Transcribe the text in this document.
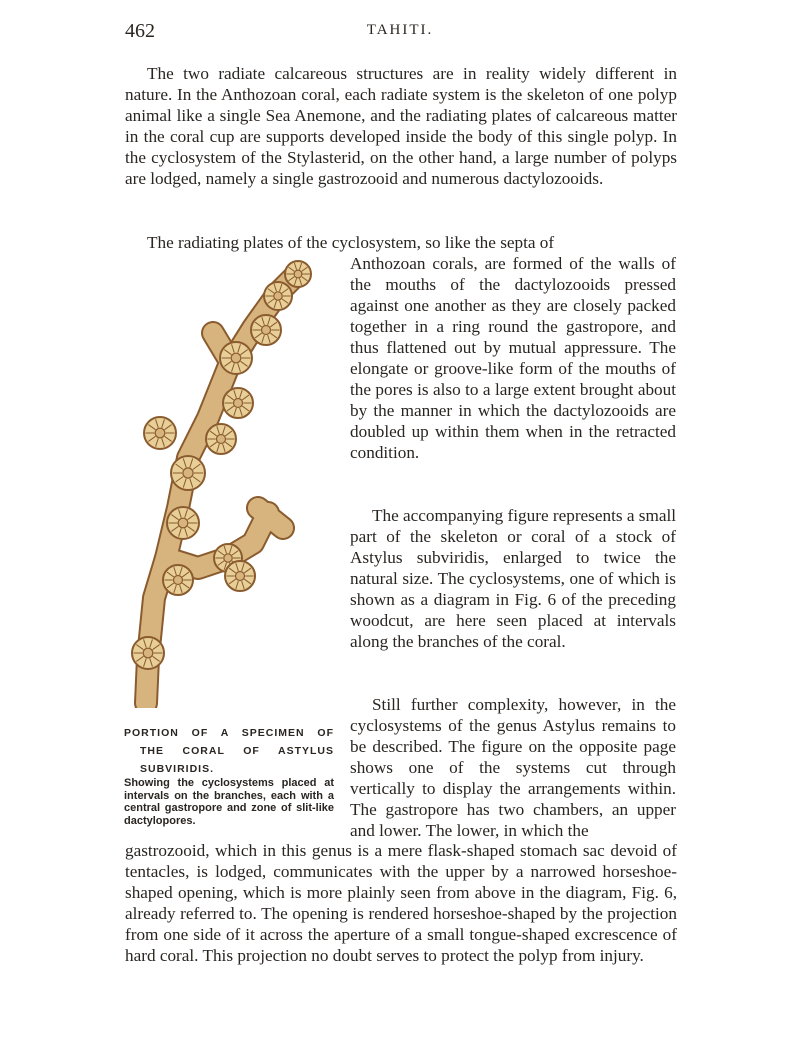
462	TAHITI.

The two radiate calcareous structures are in reality widely different in nature. In the Anthozoan coral, each radiate system is the skeleton of one polyp animal like a single Sea Anemone, and the radiating plates of calcareous matter in the coral cup are supports developed inside the body of this single polyp. In the cyclosystem of the Stylasterid, on the other hand, a large number of polyps are lodged, namely a single gastrozooid and numerous dactylozooids.

The radiating plates of the cyclosystem, so like the septa of

Anthozoan corals, are formed of the walls of the mouths of the dactylozooids pressed against one another as they are closely packed together in a ring round the gastropore, and thus flattened out by mutual appressure. The elongate or groove-like form of the mouths of the pores is also to a large extent brought about by the manner in which the dactylozooids are doubled up within them when in the retracted condition.

The accompanying figure represents a small part of the skeleton or coral of a stock of Astylus subviridis, enlarged to twice the natural size. The cyclosystems, one of which is shown as a diagram in Fig. 6 of the preceding woodcut, are here seen placed at intervals along the branches of the coral.

Still further complexity, however, in the cyclosystems of the genus Astylus remains to be described. The figure on the opposite page shows one of the systems cut through vertically to display the arrangements within. The gastropore has two chambers, an upper and lower. The lower, in which the

gastrozooid, which in this genus is a mere flask-shaped stomach sac devoid of tentacles, is lodged, communicates with the upper by a narrowed horseshoe-shaped opening, which is more plainly seen from above in the diagram, Fig. 6, already referred to. The opening is rendered horseshoe-shaped by the projection from one side of it across the aperture of a small tongue-shaped excrescence of hard coral. This projection no doubt serves to protect the polyp from injury.

PORTION OF A SPECIMEN OF
THE CORAL OF ASTYLUS
SUBVIRIDIS.

Showing the cyclosystems placed at intervals on the branches, each with a central gastropore and zone of slit-like dactylopores.
